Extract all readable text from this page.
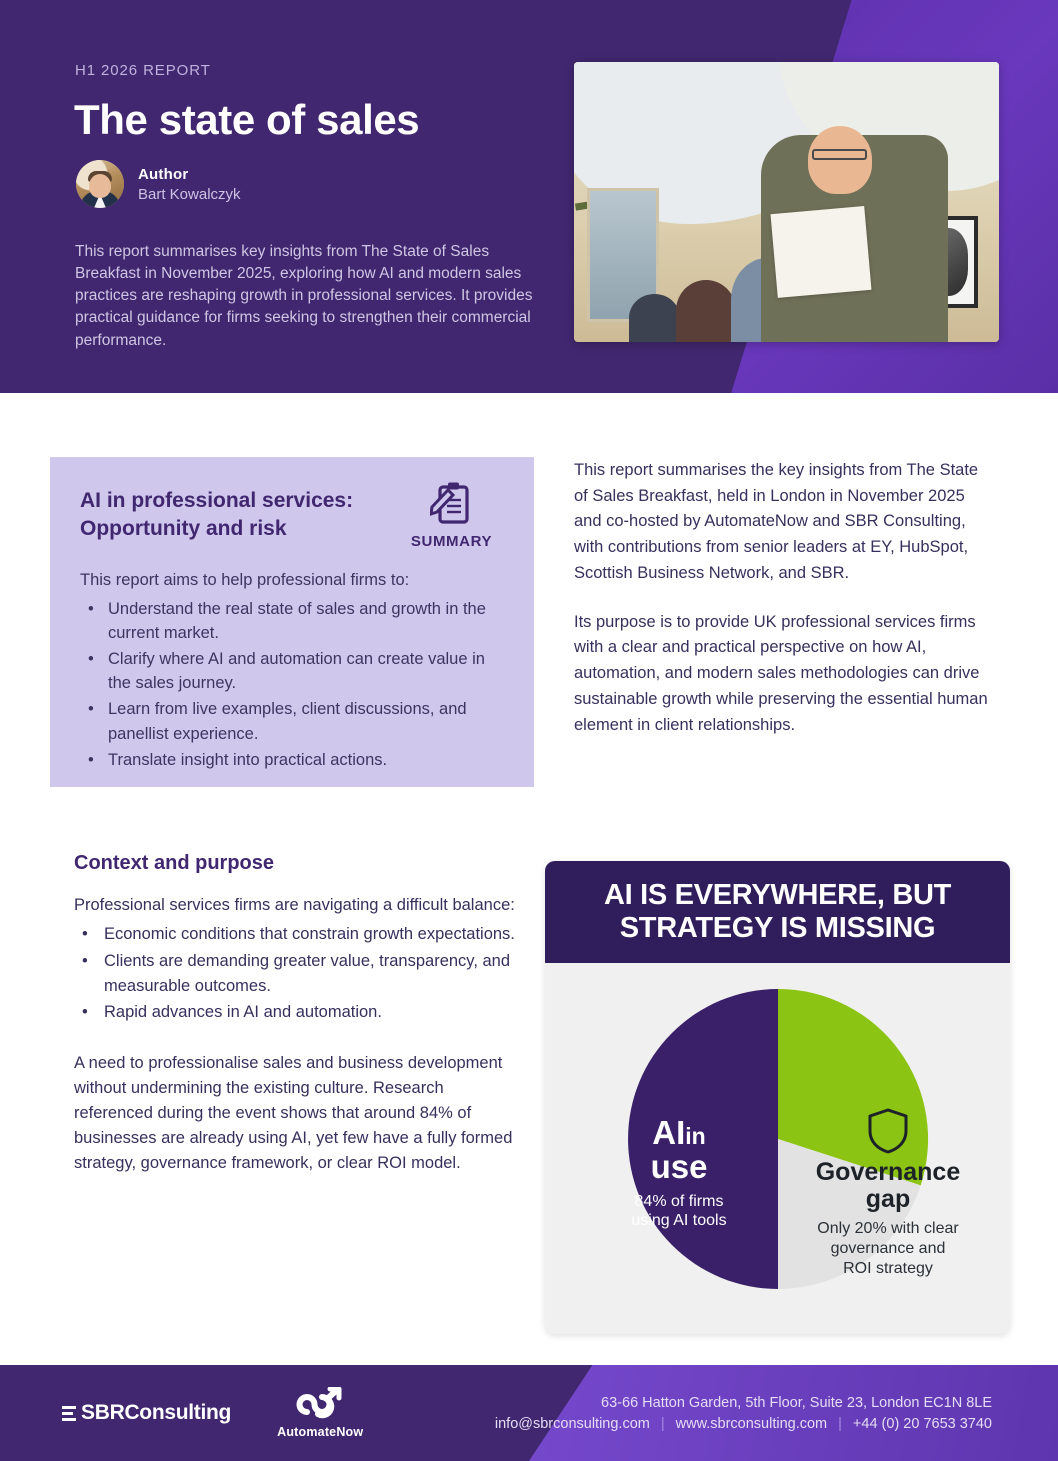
H1 2026 REPORT
The state of sales
Author
Bart Kowalczyk

This report summarises key insights from The State of Sales Breakfast in November 2025, exploring how AI and modern sales practices are reshaping growth in professional services. It provides practical guidance for firms seeking to strengthen their commercial performance.

AI in professional services: Opportunity and risk
SUMMARY

This report aims to help professional firms to:

• Understand the real state of sales and growth in the current market.
• Clarify where AI and automation can create value in the sales journey.
• Learn from live examples, client discussions, and panellist experience.
• Translate insight into practical actions.

This report summarises the key insights from The State of Sales Breakfast, held in London in November 2025 and co-hosted by AutomateNow and SBR Consulting, with contributions from senior leaders at EY, HubSpot, Scottish Business Network, and SBR.

Its purpose is to provide UK professional services firms with a clear and practical perspective on how AI, automation, and modern sales methodologies can drive sustainable growth while preserving the essential human element in client relationships.

Context and purpose

Professional services firms are navigating a difficult balance:

• Economic conditions that constrain growth expectations.
• Clients are demanding greater value, transparency, and measurable outcomes.
• Rapid advances in AI and automation.

A need to professionalise sales and business development without undermining the existing culture. Research referenced during the event shows that around 84% of businesses are already using AI, yet few have a fully formed strategy, governance framework, or clear ROI model.

AI IS EVERYWHERE, BUT STRATEGY IS MISSING
AIin
use
84% of firms
using AI tools
Governance
gap
Only 20% with clear
governance and
ROI strategy
SBRConsulting
AutomateNow
63-66 Hatton Garden, 5th Floor, Suite 23, London EC1N 8LE
info@sbrconsulting.com | www.sbrconsulting.com | +44 (0) 20 7653 3740
